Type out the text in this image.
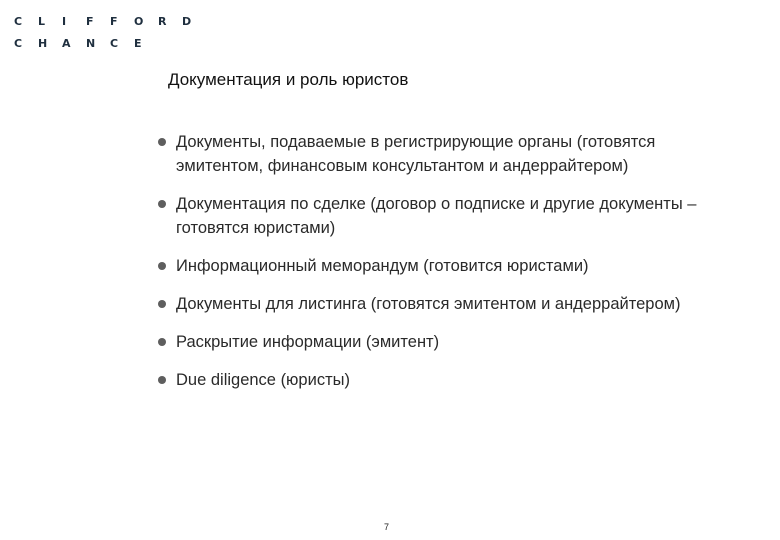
C	L	I	F	F	O	R	D
C	H	A	N	C	E
Документация и роль юристов
Документы, подаваемые в регистрирующие органы (готовятся эмитентом, финансовым консультантом и андеррайтером)
Документация по сделке (договор о подписке и другие документы – готовятся юристами)
Информационный меморандум (готовится юристами)
Документы для листинга (готовятся эмитентом и андеррайтером)
Раскрытие информации (эмитент)
Due diligence (юристы)
7
